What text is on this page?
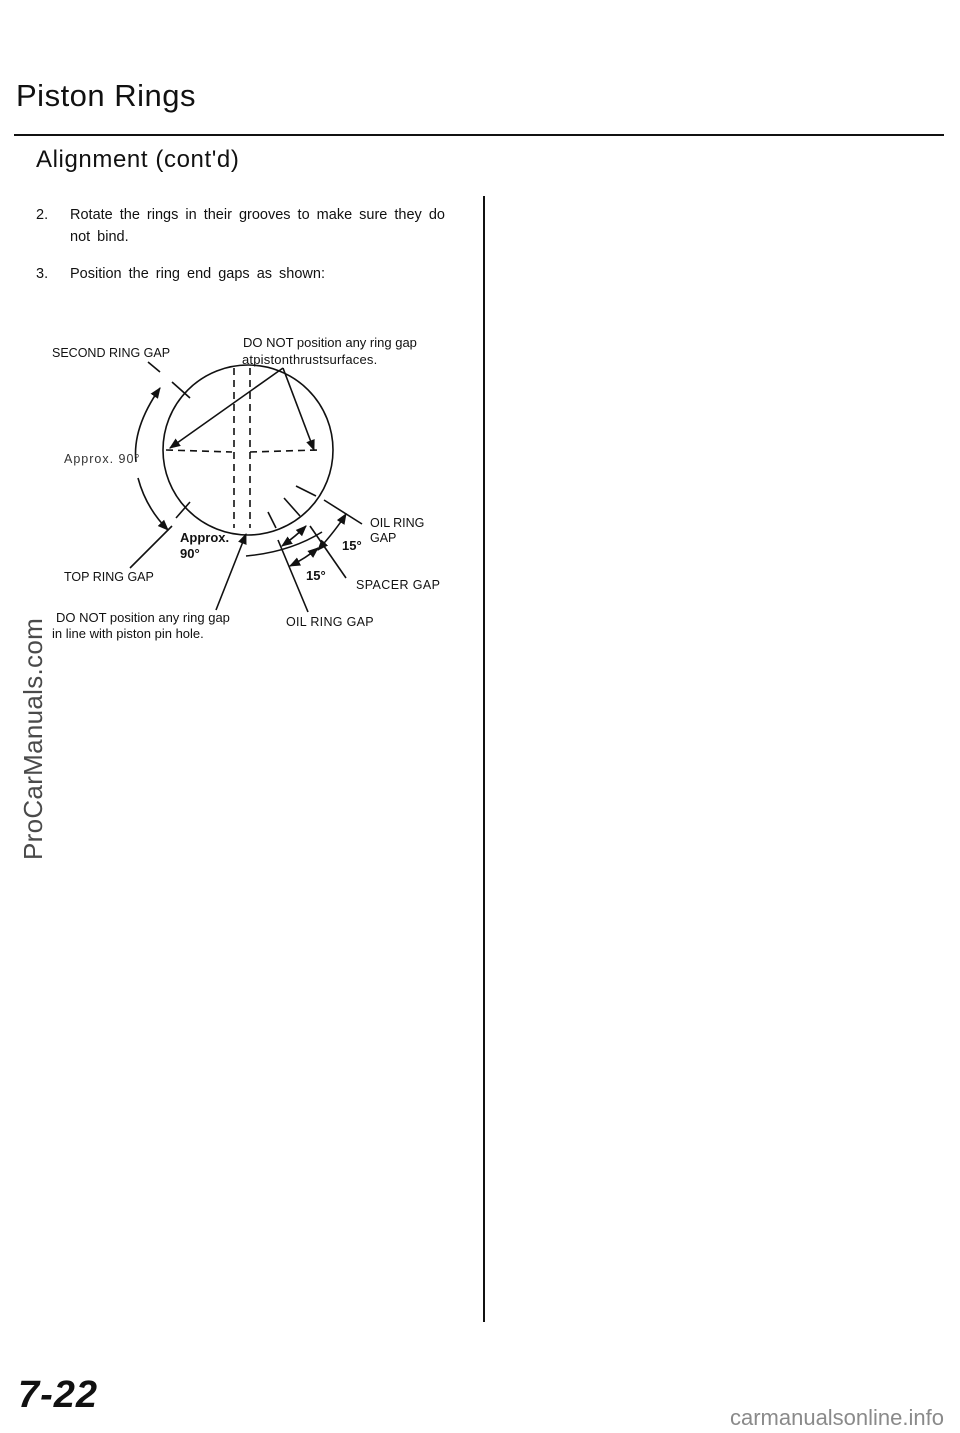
Piston Rings
Alignment (cont'd)
2. Rotate the rings in their grooves to make sure they do not bind.
3. Position the ring end gaps as shown:
SECOND RING GAP
DO NOT position any ring gap
atpistonthrustsurfaces.
Approx. 90°
Approx.
90°
OIL RING
GAP
15°
15°
TOP RING GAP
SPACER GAP
DO NOT position any ring gap
in line with piston pin hole.
OIL RING GAP
ProCarManuals.com
7-22
carmanualsonline.info
